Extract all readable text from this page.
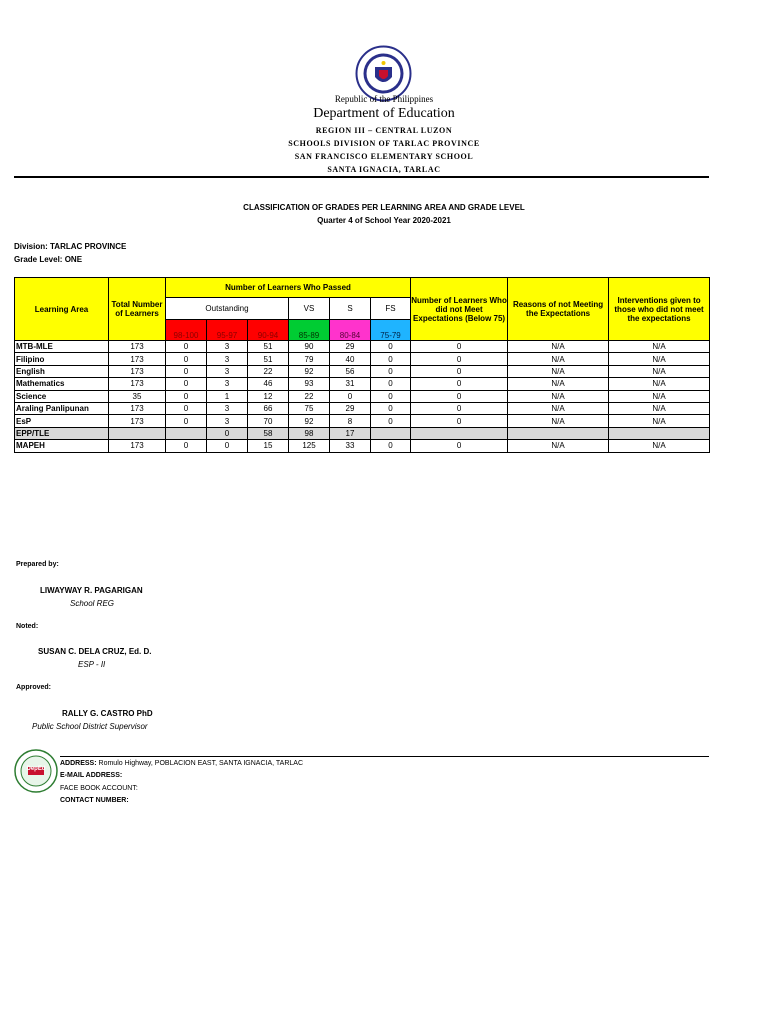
Republic of the Philippines
Department of Education
REGION III – CENTRAL LUZON
SCHOOLS DIVISION OF TARLAC PROVINCE
SAN FRANCISCO ELEMENTARY SCHOOL
SANTA IGNACIA, TARLAC
CLASSIFICATION OF GRADES PER LEARNING AREA AND GRADE LEVEL
Quarter 4 of School Year 2020-2021
Division: TARLAC PROVINCE
Grade Level: ONE
Learning Area	Total Number of Learners	Number of Learners Who Passed						Number of Learners Who did not Meet Expectations (Below 75)	Reasons of not Meeting the Expectations	Interventions given to those who did not meet the expectations
		Outstanding			VS	S	FS			
		98-100	95-97	90-94	85-89	80-84	75-79			
MTB-MLE	173	0	3	51	90	29	0	0	N/A	N/A
Filipino	173	0	3	51	79	40	0	0	N/A	N/A
English	173	0	3	22	92	56	0	0	N/A	N/A
Mathematics	173	0	3	46	93	31	0	0	N/A	N/A
Science	35	0	1	12	22	0	0	0	N/A	N/A
Araling Panlipunan	173	0	3	66	75	29	0	0	N/A	N/A
EsP	173	0	3	70	92	8	0	0	N/A	N/A
EPP/TLE			0	58	98	17				
MAPEH	173	0	0	15	125	33	0	0	N/A	N/A
Prepared by:
LIWAYWAY R. PAGARIGAN
School REG
Noted:
SUSAN C. DELA CRUZ, Ed. D.
ESP - II
Approved:
RALLY G. CASTRO PhD
Public School District Supervisor
DepEd
ADDRESS: Romulo Highway, POBLACION EAST, SANTA IGNACIA, TARLAC
E-MAIL ADDRESS:
FACE BOOK ACCOUNT:
CONTACT NUMBER:
